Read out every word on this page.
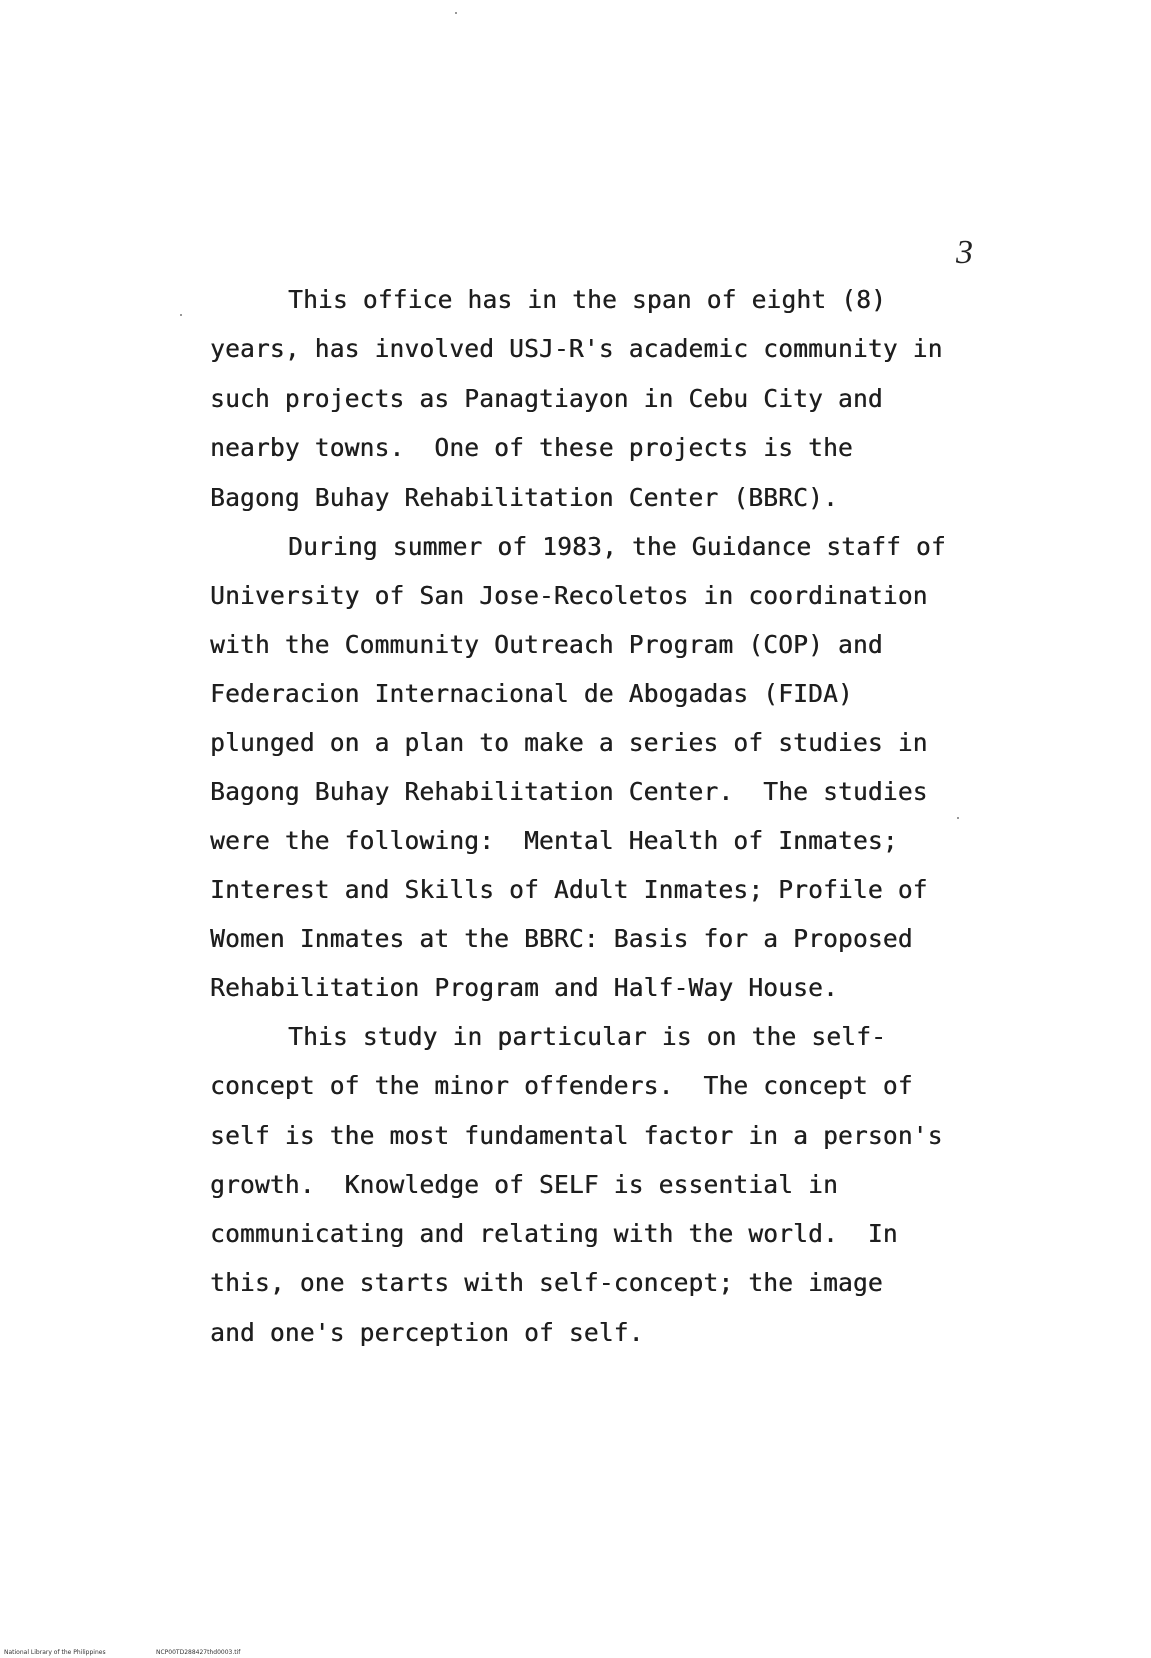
3
This office has in the span of eight (8)
years, has involved USJ-R's academic community in
such projects as Panagtiayon in Cebu City and
nearby towns.  One of these projects is the
Bagong Buhay Rehabilitation Center (BBRC).
During summer of 1983, the Guidance staff of
University of San Jose-Recoletos in coordination
with the Community Outreach Program (COP) and
Federacion Internacional de Abogadas (FIDA)
plunged on a plan to make a series of studies in
Bagong Buhay Rehabilitation Center.  The studies
were the following:  Mental Health of Inmates;
Interest and Skills of Adult Inmates; Profile of
Women Inmates at the BBRC: Basis for a Proposed
Rehabilitation Program and Half-Way House.
This study in particular is on the self-
concept of the minor offenders.  The concept of
self is the most fundamental factor in a person's
growth.  Knowledge of SELF is essential in
communicating and relating with the world.  In
this, one starts with self-concept; the image
and one's perception of self.
National Library of the Philippines	NCP00TD288427thd0003.tif
